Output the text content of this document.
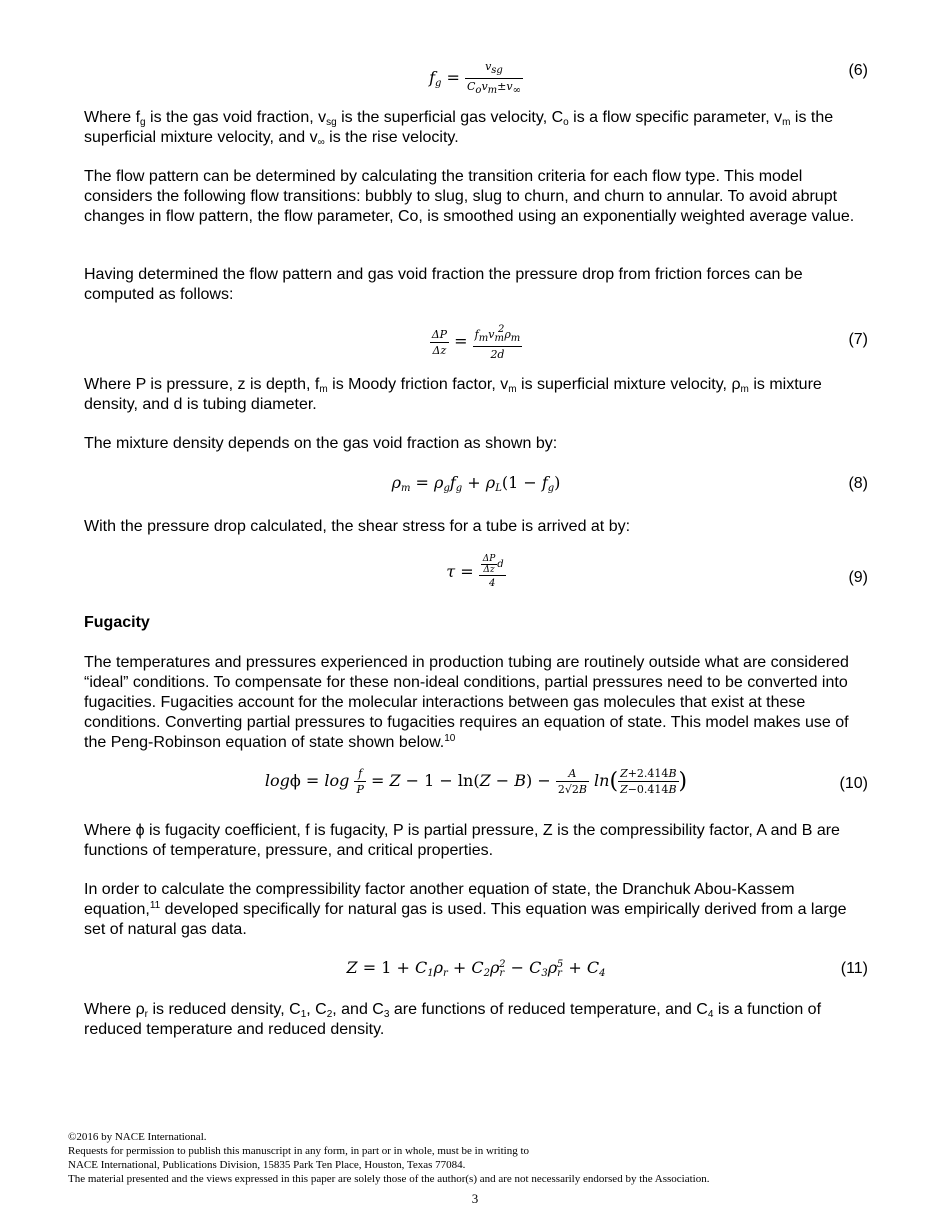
$f_g = \frac{\text{vsg}}{\text{Covm±v∞}}$	(6)

Where $f_g$ is the gas void fraction, $v_{sg}$ is the superficial gas velocity, $C_o$ is a flow specific parameter, $v_m$ is the superficial mixture velocity, and $v_\infty$ is the rise velocity.

The flow pattern can be determined by calculating the transition criteria for each flow type. This model considers the following flow transitions: bubbly to slug, slug to churn, and churn to annular. To avoid abrupt changes in flow pattern, the flow parameter, Co, is smoothed using an exponentially weighted average value.

Having determined the flow pattern and gas void fraction the pressure drop from friction forces can be computed as follows:

$\frac{\Delta P}{\Delta z} = \frac{\text{fmvm2ρm}}{2d}$	(7)

Where P is pressure, z is depth, $f_m$ is Moody friction factor, $v_m$ is superficial mixture velocity, $\rho_m$ is mixture density, and d is tubing diameter.

The mixture density depends on the gas void fraction as shown by:

$\rho_m = \rho_gf_g + \rho_L(1 - f_g)$	(8)

With the pressure drop calculated, the shear stress for a tube is arrived at by:

$\tau = \frac{\frac{\Delta P}{\Delta z} d}{4}$	(9)
Fugacity

The temperatures and pressures experienced in production tubing are routinely outside what are considered “ideal” conditions. To compensate for these non-ideal conditions, partial pressures need to be converted into fugacities. Fugacities account for the molecular interactions between gas molecules that exist at these conditions. Converting partial pressures to fugacities requires an equation of state. This model makes use of the Peng-Robinson equation of state shown below.$^{10}$

$\log\phi = \log \frac{f}{P} = Z - 1 - \ln(Z - B) - \frac{A}{2√2B} \ln( \frac{Z+2.414B}{Z-0.414B}$ )	(10)

Where ϕ is fugacity coefficient, f is fugacity, P is partial pressure, Z is the compressibility factor, A and B are functions of temperature, pressure, and critical properties.

In order to calculate the compressibility factor another equation of state, the Dranchuk Abou-Kassem equation,$^{11}$ developed specifically for natural gas is used. This equation was empirically derived from a large set of natural gas data.

$Z = 1 + C_1\rho_r + C_2\rho_r^2 - C_3\rho_r^5 + C_4$	(11)

Where $\rho_r$ is reduced density, $C_1$, $C_2$, and $C_3$ are functions of reduced temperature, and $C_4$ is a function of reduced temperature and reduced density.

©2016 by NACE International.
Requests for permission to publish this manuscript in any form, in part or in whole, must be in writing to
NACE International, Publications Division, 15835 Park Ten Place, Houston, Texas 77084.
The material presented and the views expressed in this paper are solely those of the author(s) and are not necessarily endorsed by the Association.
3
